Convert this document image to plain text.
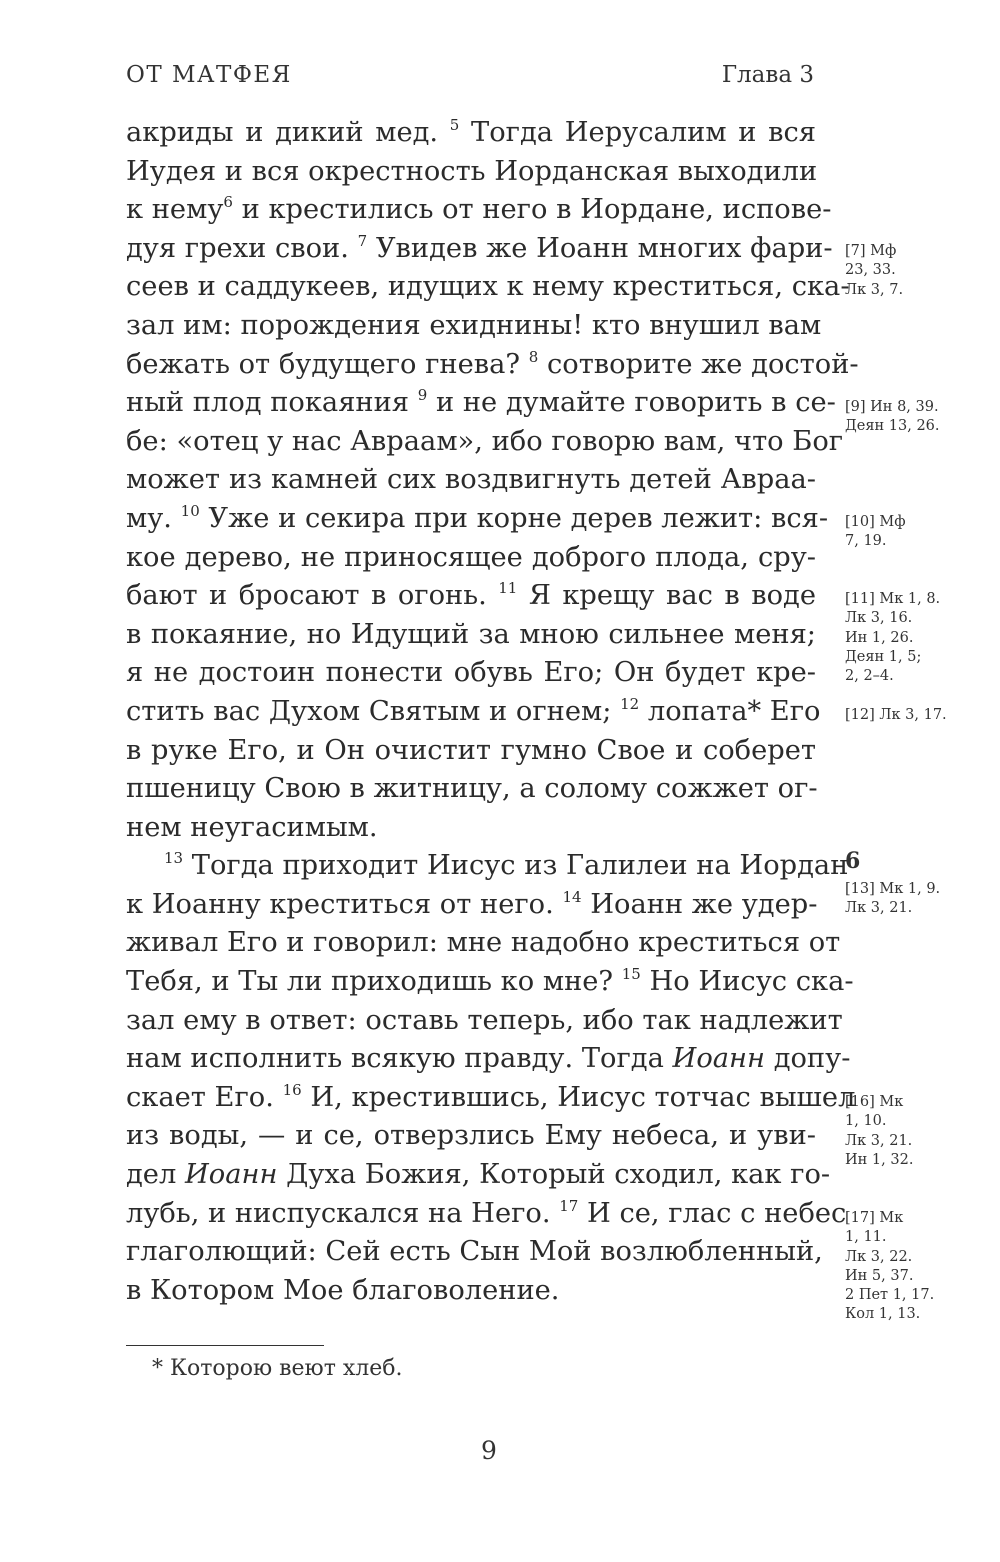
ОТ МАТФЕЯ	Глава 3
акриды и дикий мед. $^5$ Тогда Иерусалим и вся
Иудея и вся окрестность Иорданская выходили
к нему$^6$ и крестились от него в Иордане, испове-
дуя грехи свои. $^7$ Увидев же Иоанн многих фари-
сеев и саддукеев, идущих к нему креститься, ска-
зал им: порождения ехиднины! кто внушил вам
бежать от будущего гнева? $^8$ сотворите же достой-
ный плод покаяния $^9$ и не думайте говорить в се-
бе: «отец у нас Авраам», ибо говорю вам, что Бог
может из камней сих воздвигнуть детей Авраа-
му. $^{10}$ Уже и секира при корне дерев лежит: вся-
кое дерево, не приносящее доброго плода, сру-
бают и бросают в огонь. $^{11}$ Я крещу вас в воде
в покаяние, но Идущий за мною сильнее меня;
я не достоин понести обувь Его; Он будет кре-
стить вас Духом Святым и огнем; $^{12}$ лопата* Его
в руке Его, и Он очистит гумно Свое и соберет
пшеницу Свою в житницу, а солому сожжет ог-
нем неугасимым.
$^{13}$ Тогда приходит Иисус из Галилеи на Иордан
к Иоанну креститься от него. $^{14}$ Иоанн же удер-
живал Его и говорил: мне надобно креститься от
Тебя, и Ты ли приходишь ко мне? $^{15}$ Но Иисус ска-
зал ему в ответ: оставь теперь, ибо так надлежит
нам исполнить всякую правду. Тогда Иоанн допу-
скает Его. $^{16}$ И, крестившись, Иисус тотчас вышел
из воды, — и се, отверзлись Ему небеса, и уви-
дел Иоанн Духа Божия, Который сходил, как го-
лубь, и ниспускался на Него. $^{17}$ И се, глас с небес
глаголющий: Сей есть Сын Мой возлюбленный,
в Котором Мое благоволение.
6
[7] Мф
23, 33.
Лк 3, 7.
[9] Ин 8, 39.
Деян 13, 26.
[10] Мф
7, 19.
[11] Мк 1, 8.
Лк 3, 16.
Ин 1, 26.
Деян 1, 5;
2, 2–4.
[12] Лк 3, 17.
[13] Мк 1, 9.
Лк 3, 21.
[16] Мк
1, 10.
Лк 3, 21.
Ин 1, 32.
[17] Мк
1, 11.
Лк 3, 22.
Ин 5, 37.
2 Пет 1, 17.
Кол 1, 13.
* Которою веют хлеб.
9
